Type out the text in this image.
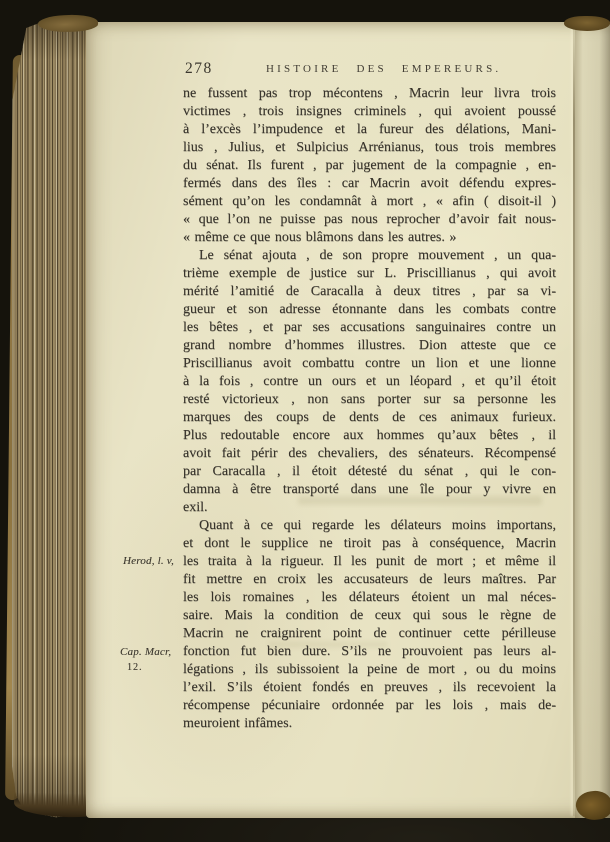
278	HISTOIRE DES EMPEREURS.
ne fussent pas trop mécontens , Macrin leur livra trois
victimes , trois insignes criminels , qui avoient poussé
à l’excès l’impudence et la fureur des délations, Mani-
lius , Julius, et Sulpicius Arrénianus, tous trois membres
du sénat. Ils furent , par jugement de la compagnie , en-
fermés dans des îles : car Macrin avoit défendu expres-
sément qu’on les condamnât à mort , « afin ( disoit-il )
« que l’on ne puisse pas nous reprocher d’avoir fait nous-
« même ce que nous blâmons dans les autres. »
Le sénat ajouta , de son propre mouvement , un qua-
trième exemple de justice sur L. Priscillianus , qui avoit
mérité l’amitié de Caracalla à deux titres , par sa vi-
gueur et son adresse étonnante dans les combats contre
les bêtes , et par ses accusations sanguinaires contre un
grand nombre d’hommes illustres. Dion atteste que ce
Priscillianus avoit combattu contre un lion et une lionne
à la fois , contre un ours et un léopard , et qu’il étoit
resté victorieux , non sans porter sur sa personne les
marques des coups de dents de ces animaux furieux.
Plus redoutable encore aux hommes qu’aux bêtes , il
avoit fait périr des chevaliers, des sénateurs. Récompensé
par Caracalla , il étoit détesté du sénat , qui le con-
damna à être transporté dans une île pour y vivre en
exil.
Quant à ce qui regarde les délateurs moins importans,
et dont le supplice ne tiroit pas à conséquence, Macrin
les traita à la rigueur. Il les punit de mort ; et même il
fit mettre en croix les accusateurs de leurs maîtres. Par
les lois romaines , les délateurs étoient un mal néces-
saire. Mais la condition de ceux qui sous le règne de
Macrin ne craignirent point de continuer cette périlleuse
fonction fut bien dure. S’ils ne prouvoient pas leurs al-
légations , ils subissoient la peine de mort , ou du moins
l’exil. S’ils étoient fondés en preuves , ils recevoient la
récompense pécuniaire ordonnée par les lois , mais de-
meuroient infâmes.
Herod, l. v,
Cap. Macr,
12.
